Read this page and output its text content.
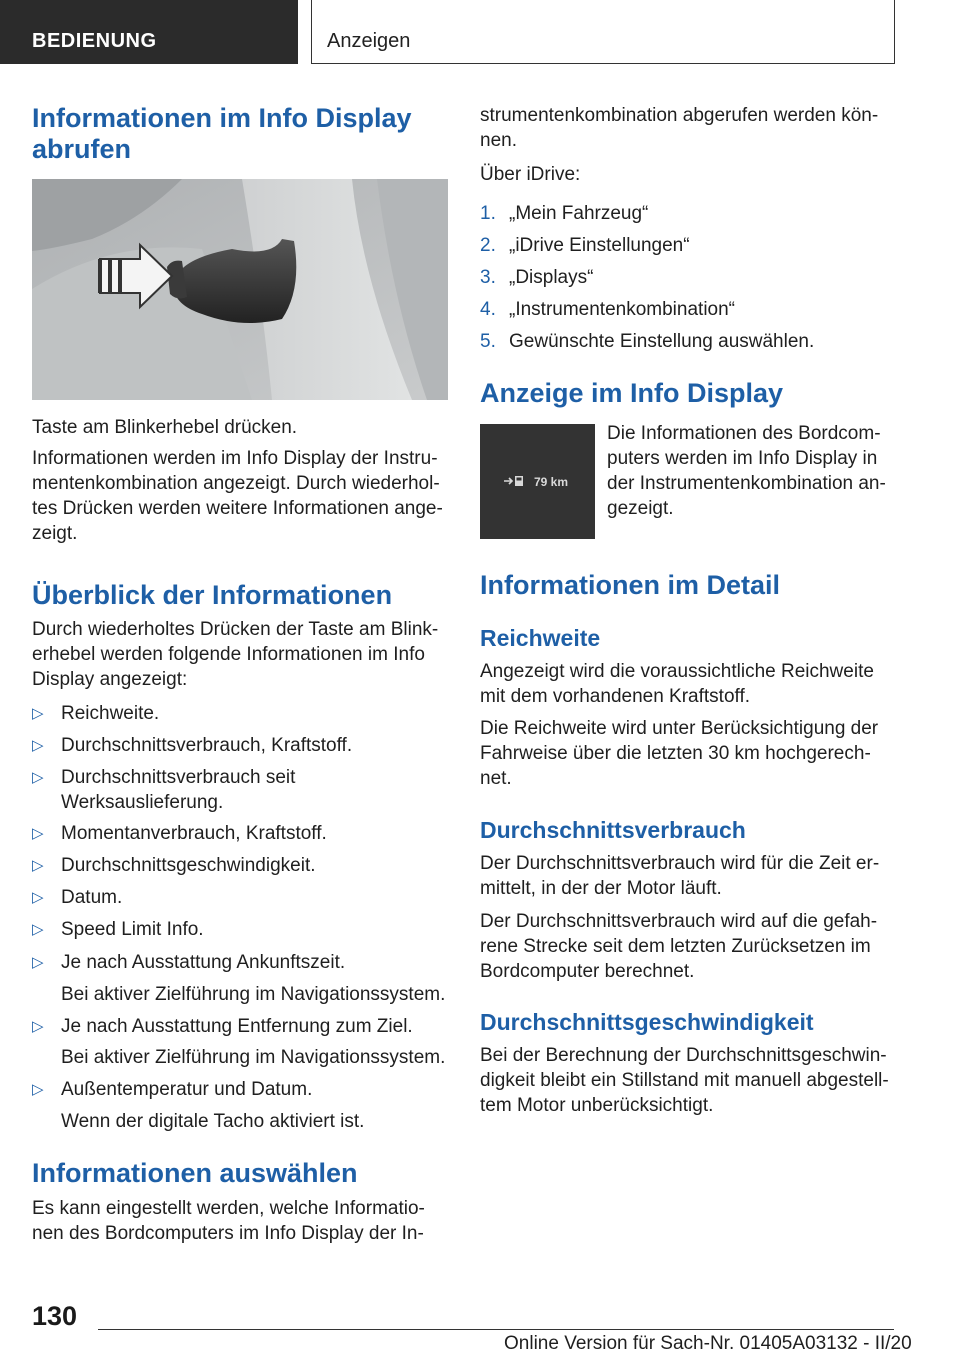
BEDIENUNG	Anzeigen
Informationen im Info Display abrufen

Taste am Blinkerhebel drücken.

Informationen werden im Info Display der Instrumentenkombination angezeigt. Durch wiederholtes Drücken werden weitere Informationen angezeigt.

Überblick der Informationen

Durch wiederholtes Drücken der Taste am Blinkerhebel werden folgende Informationen im Info Display angezeigt:

▷ Reichweite.
▷ Durchschnittsverbrauch, Kraftstoff.
▷ Durchschnittsverbrauch seit Werksauslieferung.
▷ Momentanverbrauch, Kraftstoff.
▷ Durchschnittsgeschwindigkeit.
▷ Datum.
▷ Speed Limit Info.
▷ Je nach Ausstattung Ankunftszeit.
Bei aktiver Zielführung im Navigationssystem.
▷ Je nach Ausstattung Entfernung zum Ziel.
Bei aktiver Zielführung im Navigationssystem.
▷ Außentemperatur und Datum.
Wenn der digitale Tacho aktiviert ist.
Informationen auswählen

Es kann eingestellt werden, welche Informationen des Bordcomputers im Info Display der In-

strumentenkombination abgerufen werden können.

Über iDrive:

1. „Mein Fahrzeug“
2. „iDrive Einstellungen“
3. „Displays“
4. „Instrumentenkombination“
5. Gewünschte Einstellung auswählen.
Anzeige im Info Display

Die Informationen des Bordcomputers werden im Info Display in der Instrumentenkombination angezeigt.

Informationen im Detail
Reichweite

Angezeigt wird die voraussichtliche Reichweite mit dem vorhandenen Kraftstoff.

Die Reichweite wird unter Berücksichtigung der Fahrweise über die letzten 30 km hochgerechnet.

Durchschnittsverbrauch

Der Durchschnittsverbrauch wird für die Zeit ermittelt, in der der Motor läuft.

Der Durchschnittsverbrauch wird auf die gefahrene Strecke seit dem letzten Zurücksetzen im Bordcomputer berechnet.

Durchschnittsgeschwindigkeit

Bei der Berechnung der Durchschnittsgeschwindigkeit bleibt ein Stillstand mit manuell abgestelltem Motor unberücksichtigt.

79 km
130
Online Version für Sach-Nr. 01405A03132 - II/20
